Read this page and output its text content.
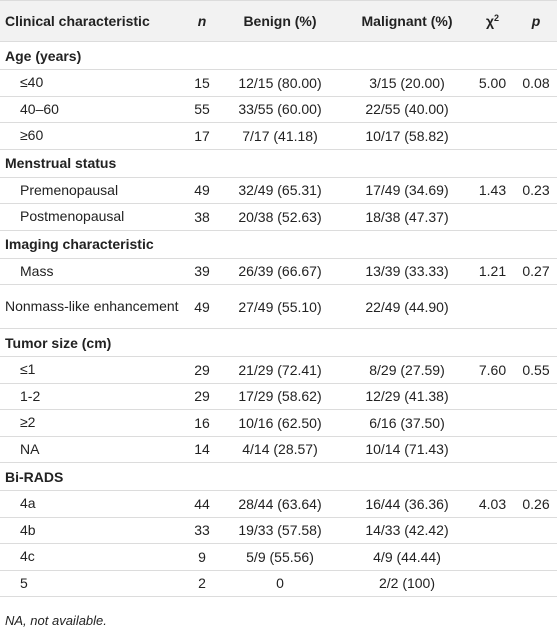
Clinical characteristic	n	Benign (%)	Malignant (%)	$\chi^2$	p
Age (years)					
≤40	15	12/15 (80.00)	3/15 (20.00)	5.00	0.08
40–60	55	33/55 (60.00)	22/55 (40.00)		
≥60	17	7/17 (41.18)	10/17 (58.82)		
Menstrual status					
Premenopausal	49	32/49 (65.31)	17/49 (34.69)	1.43	0.23
Postmenopausal	38	20/38 (52.63)	18/38 (47.37)		
Imaging characteristic					
Mass	39	26/39 (66.67)	13/39 (33.33)	1.21	0.27
Nonmass-like enhancement	49	27/49 (55.10)	22/49 (44.90)		
Tumor size (cm)					
≤1	29	21/29 (72.41)	8/29 (27.59)	7.60	0.55
1-2	29	17/29 (58.62)	12/29 (41.38)		
≥2	16	10/16 (62.50)	6/16 (37.50)		
NA	14	4/14 (28.57)	10/14 (71.43)		
Bi-RADS					
4a	44	28/44 (63.64)	16/44 (36.36)	4.03	0.26
4b	33	19/33 (57.58)	14/33 (42.42)		
4c	9	5/9 (55.56)	4/9 (44.44)		
5	2	0	2/2 (100)		
NA, not available.
